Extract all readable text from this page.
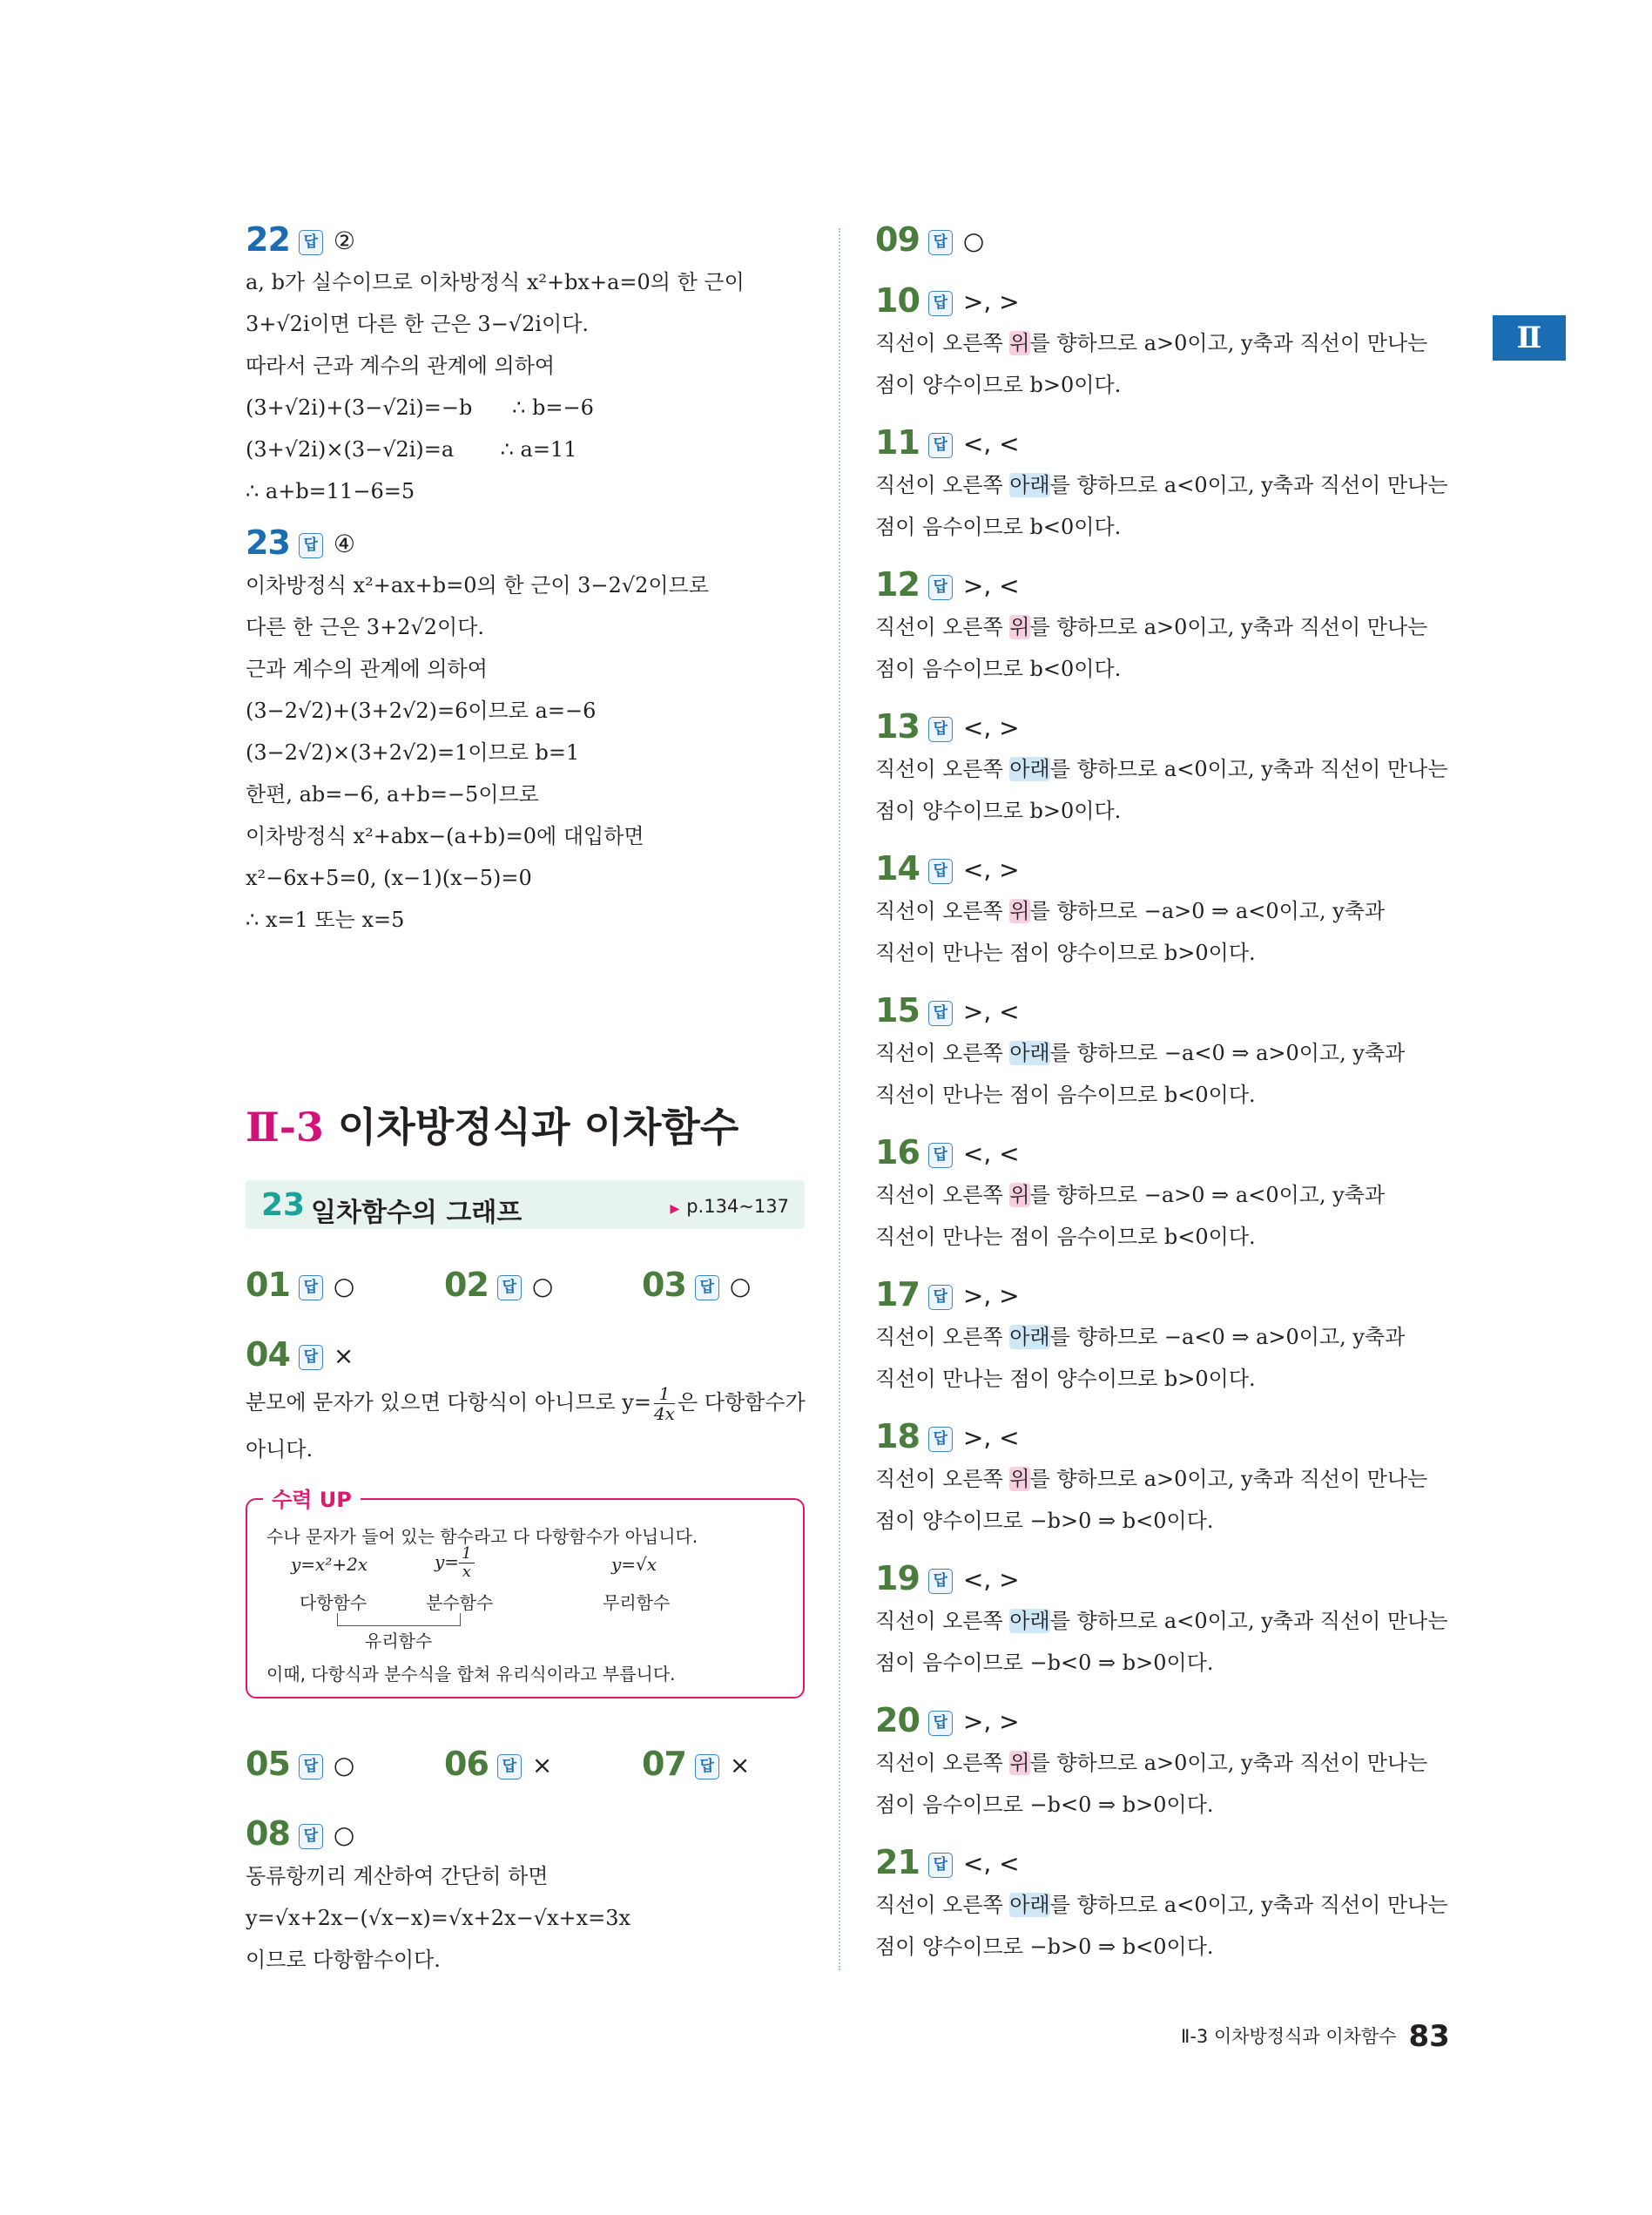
Ⅱ
22 답 ②
a, b가 실수이므로 이차방정식 x²+bx+a=0의 한 근이
3+√2i이면 다른 한 근은 3−√2i이다.
따라서 근과 계수의 관계에 의하여
(3+√2i)+(3−√2i)=−b      ∴ b=−6
(3+√2i)×(3−√2i)=a       ∴ a=11
∴ a+b=11−6=5
23 답 ④
이차방정식 x²+ax+b=0의 한 근이 3−2√2이므로
다른 한 근은 3+2√2이다.
근과 계수의 관계에 의하여
(3−2√2)+(3+2√2)=6이므로 a=−6
(3−2√2)×(3+2√2)=1이므로 b=1
한편, ab=−6, a+b=−5이므로
이차방정식 x²+abx−(a+b)=0에 대입하면
x²−6x+5=0, (x−1)(x−5)=0
∴ x=1 또는 x=5
Ⅱ-3 이차방정식과 이차함수
23 일차함수의 그래프	▶ p.134~137
01 답 ○	02 답 ○	03 답 ○
04 답 ×
분모에 문자가 있으면 다항식이 아니므로 $y= \frac{1}{4x}$ 은 다항함수가
아니다.
수력 UP
수나 문자가 들어 있는 함수라고 다 다항함수가 아닙니다.
y=x²+2x	$y= \frac{1}{x}$	y=√x
다항함수	분수함수	무리함수
유리함수
이때, 다항식과 분수식을 합쳐 유리식이라고 부릅니다.
05 답 ○	06 답 ×	07 답 ×
08 답 ○
동류항끼리 계산하여 간단히 하면
y=√x+2x−(√x−x)=√x+2x−√x+x=3x
이므로 다항함수이다.
09 답 ○
10 답 >, >
직선이 오른쪽 위를 향하므로 a>0이고, y축과 직선이 만나는
점이 양수이므로 b>0이다.
11 답 <, <
직선이 오른쪽 아래를 향하므로 a<0이고, y축과 직선이 만나는
점이 음수이므로 b<0이다.
12 답 >, <
직선이 오른쪽 위를 향하므로 a>0이고, y축과 직선이 만나는
점이 음수이므로 b<0이다.
13 답 <, >
직선이 오른쪽 아래를 향하므로 a<0이고, y축과 직선이 만나는
점이 양수이므로 b>0이다.
14 답 <, >
직선이 오른쪽 위를 향하므로 −a>0 ⇒ a<0이고, y축과
직선이 만나는 점이 양수이므로 b>0이다.
15 답 >, <
직선이 오른쪽 아래를 향하므로 −a<0 ⇒ a>0이고, y축과
직선이 만나는 점이 음수이므로 b<0이다.
16 답 <, <
직선이 오른쪽 위를 향하므로 −a>0 ⇒ a<0이고, y축과
직선이 만나는 점이 음수이므로 b<0이다.
17 답 >, >
직선이 오른쪽 아래를 향하므로 −a<0 ⇒ a>0이고, y축과
직선이 만나는 점이 양수이므로 b>0이다.
18 답 >, <
직선이 오른쪽 위를 향하므로 a>0이고, y축과 직선이 만나는
점이 양수이므로 −b>0 ⇒ b<0이다.
19 답 <, >
직선이 오른쪽 아래를 향하므로 a<0이고, y축과 직선이 만나는
점이 음수이므로 −b<0 ⇒ b>0이다.
20 답 >, >
직선이 오른쪽 위를 향하므로 a>0이고, y축과 직선이 만나는
점이 음수이므로 −b<0 ⇒ b>0이다.
21 답 <, <
직선이 오른쪽 아래를 향하므로 a<0이고, y축과 직선이 만나는
점이 양수이므로 −b>0 ⇒ b<0이다.
Ⅱ-3 이차방정식과 이차함수 83
